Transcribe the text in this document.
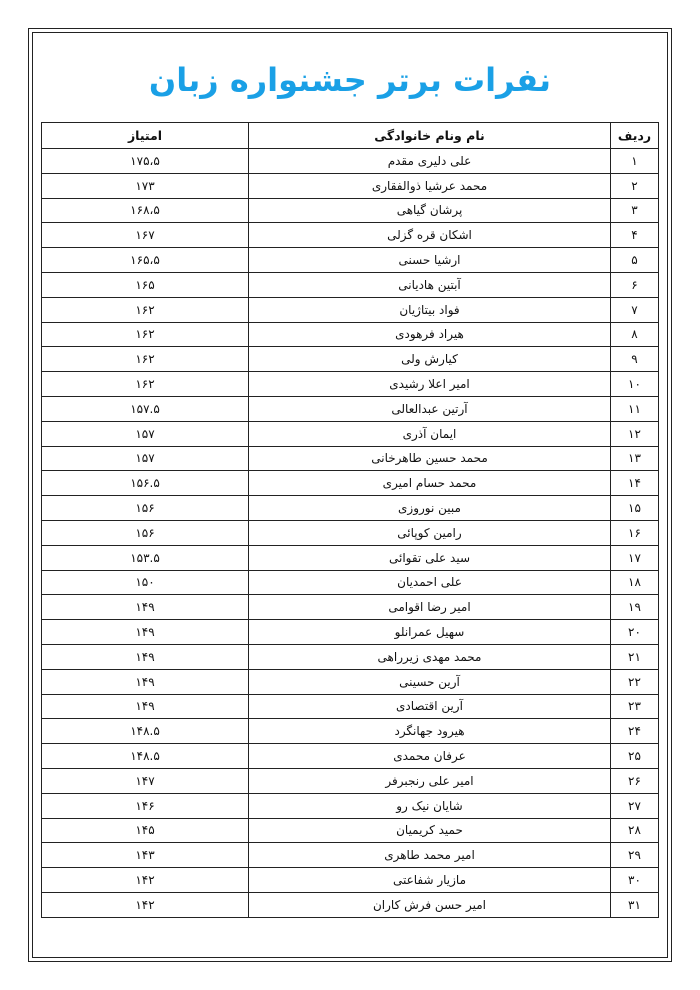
نفرات برتر جشنواره زبان
ردیف	نام ونام خانوادگی	امتیاز
۱	علی دلیری مقدم	۱۷۵،۵
۲	محمد عرشیا ذوالفقاری	۱۷۳
۳	پرشان گیاهی	۱۶۸،۵
۴	اشکان قره گزلی	۱۶۷
۵	ارشیا حسنی	۱۶۵،۵
۶	آبتین هادیانی	۱۶۵
۷	فواد بیتاژیان	۱۶۲
۸	هیراد فرهودی	۱۶۲
۹	کیارش ولی	۱۶۲
۱۰	امیر اعلا رشیدی	۱۶۲
۱۱	آرتین عبدالعالی	۱۵۷.۵
۱۲	ایمان آذری	۱۵۷
۱۳	محمد حسین طاهرخانی	۱۵۷
۱۴	محمد حسام امیری	۱۵۶.۵
۱۵	مبین نوروزی	۱۵۶
۱۶	رامین کوپائی	۱۵۶
۱۷	سید علی تقوائی	۱۵۳.۵
۱۸	علی احمدیان	۱۵۰
۱۹	امیر رضا اقوامی	۱۴۹
۲۰	سهیل عمرانلو	۱۴۹
۲۱	محمد مهدی زیرراهی	۱۴۹
۲۲	آرین حسینی	۱۴۹
۲۳	آرین اقتصادی	۱۴۹
۲۴	هیرود جهانگرد	۱۴۸.۵
۲۵	عرفان محمدی	۱۴۸.۵
۲۶	امیر علی رنجبرفر	۱۴۷
۲۷	شایان نیک رو	۱۴۶
۲۸	حمید کریمیان	۱۴۵
۲۹	امیر محمد طاهری	۱۴۳
۳۰	مازیار شفاعتی	۱۴۲
۳۱	امیر حسن فرش کاران	۱۴۲
